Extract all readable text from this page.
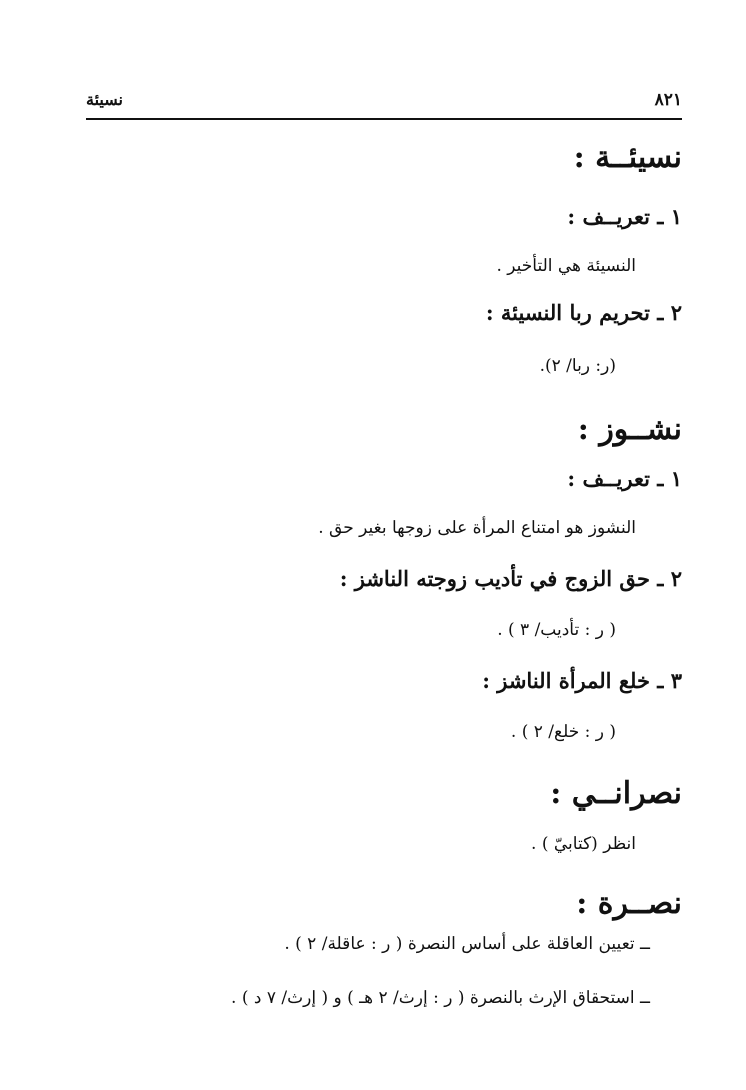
٨٢١
نسيئة
نسيئــة :
١ ـ تعريــف :
النسيئة هي التأخير .
٢ ـ تحريم ربا النسيئة :
(ر: ربا/ ٢).
نشــوز :
١ ـ تعريــف :
النشوز هو امتناع المرأة على زوجها بغير حق .
٢ ـ حق الزوج في تأديب زوجته الناشز :
( ر : تأديب/ ٣ ) .
٣ ـ خلع المرأة الناشز :
( ر : خلع/ ٢ ) .
نصرانــي :
انظر (كتابيّ ) .
نصــرة :
ــ تعيين العاقلة على أساس النصرة ( ر : عاقلة/ ٢ ) .
ــ استحقاق الإرث بالنصرة ( ر : إرث/ ٢ هـ ) و ( إرث/ ٧ د ) .
